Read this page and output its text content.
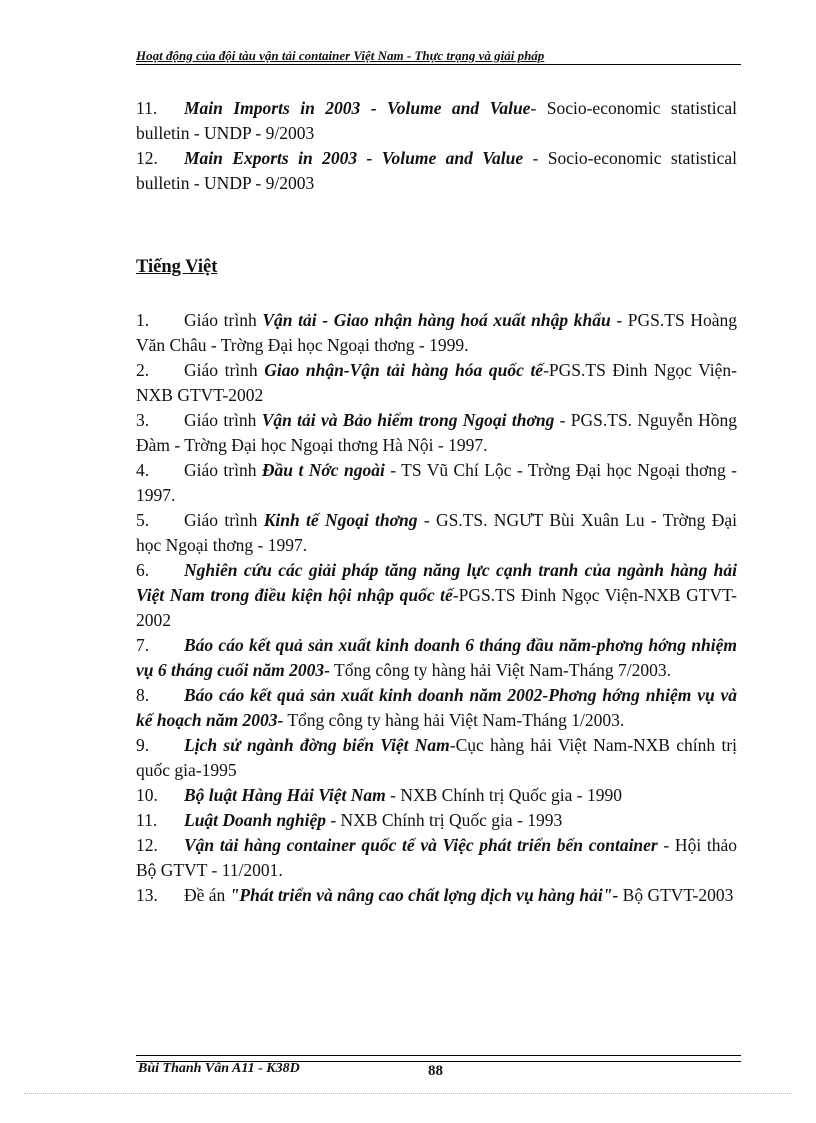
Hoạt động của đội tàu vận tải container Việt Nam - Thực trạng và giải pháp
11. Main Imports in 2003 - Volume and Value- Socio-economic statistical bulletin - UNDP - 9/2003
12. Main Exports in 2003 - Volume and Value - Socio-economic statistical bulletin - UNDP - 9/2003
Tiếng Việt
1. Giáo trình Vận tải - Giao nhận hàng hoá xuất nhập khẩu - PGS.TS Hoàng Văn Châu - Trờng Đại học Ngoại thơng - 1999.
2. Giáo trình Giao nhận-Vận tải hàng hóa quốc tế-PGS.TS Đinh Ngọc Viện-NXB GTVT-2002
3. Giáo trình Vận tải và Bảo hiểm trong Ngoại thơng - PGS.TS. Nguyễn Hồng Đàm - Trờng Đại học Ngoại thơng Hà Nội - 1997.
4. Giáo trình Đầu t Nớc ngoài - TS Vũ Chí Lộc - Trờng Đại học Ngoại thơng - 1997.
5. Giáo trình Kinh tế Ngoại thơng - GS.TS. NGƯT Bùi Xuân Lu - Trờng Đại học Ngoại thơng - 1997.
6. Nghiên cứu các giải pháp tăng năng lực cạnh tranh của ngành hàng hải Việt Nam trong điều kiện hội nhập quốc tế-PGS.TS Đinh Ngọc Viện-NXB GTVT-2002
7. Báo cáo kết quả sản xuất kinh doanh 6 tháng đầu năm-phơng hớng nhiệm vụ 6 tháng cuối năm 2003- Tổng công ty hàng hải Việt Nam-Tháng 7/2003.
8. Báo cáo kết quả sản xuất kinh doanh năm 2002-Phơng hớng nhiệm vụ và kế hoạch năm 2003- Tổng công ty hàng hải Việt Nam-Tháng 1/2003.
9. Lịch sử ngành đờng biển Việt Nam-Cục hàng hải Việt Nam-NXB chính trị quốc gia-1995
10. Bộ luật Hàng Hải Việt Nam - NXB Chính trị Quốc gia - 1990
11. Luật Doanh nghiệp - NXB Chính trị Quốc gia - 1993
12. Vận tải hàng container quốc tế và Việc phát triển bến container - Hội thảo Bộ GTVT - 11/2001.
13. Đề án "Phát triển và nâng cao chất lợng dịch vụ hàng hải"- Bộ GTVT-2003
Bùi Thanh Vân A11 - K38D	88
